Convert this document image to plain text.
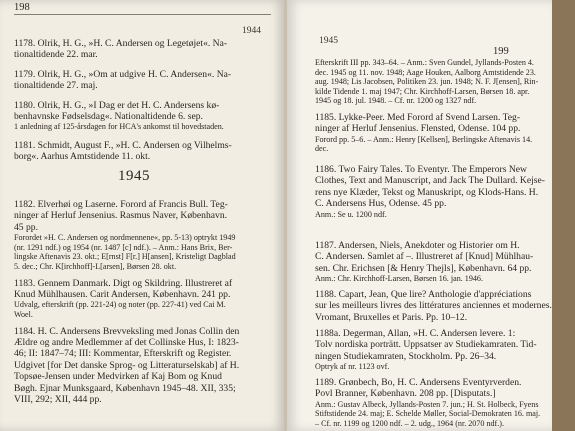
198
1944
1178. Olrik, H. G., »H. C. Andersen og Legetøjet«. Na-
tionaltidende 22. mar.
1179. Olrik, H. G., »Om at udgive H. C. Andersen«. Na-
tionaltidende 27. maj.
1180. Olrik, H. G., »I Dag er det H. C. Andersens kø-
benhavnske Fødselsdag«. Nationaltidende 6. sep.
1 anledning af 125-årsdagen for HCA's ankomst til hovedstaden.
1181. Schmidt, August F., »H. C. Andersen og Vilhelms-
borg«. Aarhus Amtstidende 11. okt.
1945
1182. Elverhøi og Laserne. Forord af Francis Bull. Teg-
ninger af Herluf Jensenius. Rasmus Naver, København.
45 pp.
Forordet »H. C. Andersen og nordmennene«, pp. 5-13) optrykt 1949
(nr. 1291 ndf.) og 1954 (nr. 1487 [c] ndf.). – Anm.: Hans Brix, Ber-
lingske Aftenavis 23. okt.; E[rnst] F[r.] H[ansen], Kristeligt Dagblad
5. dec.; Chr. K[irchhoff]-L[arsen], Børsen 28. okt.
1183. Gennem Danmark. Digt og Skildring. Illustreret af
Knud Mühlhausen. Carit Andersen, København. 241 pp.
Udvalg, efterskrift (pp. 221-24) og noter (pp. 227-41) ved Cai M.
Woel.
1184. H. C. Andersens Brevveksling med Jonas Collin den
Ældre og andre Medlemmer af det Collinske Hus, I: 1823-
46; II: 1847–74; III: Kommentar, Efterskrift og Register.
Udgivet [for Det danske Sprog- og Litteraturselskab] af H.
Topsøe-Jensen under Medvirken af Kaj Bom og Knud
Bøgh. Ejnar Munksgaard, København 1945–48. XII, 335;
VIII, 292; XII, 444 pp.
1945
199
Efterskrift III pp. 343–64. – Anm.: Sven Gundel, Jyllands-Posten 4.
dec. 1945 og 11. nov. 1948; Aage Houken, Aalborg Amtstidende 23.
aug. 1948; Lis Jacobsen, Politiken 23. jun. 1948; N. F. J[ensen], Rin-
kilde Tidende 1. maj 1947; Chr. Kirchhoff-Larsen, Børsen 18. apr.
1945 og 18. jul. 1948. – Cf. nr. 1200 og 1327 ndf.
1185. Lykke-Peer. Med Forord af Svend Larsen. Teg-
ninger af Herluf Jensenius. Flensted, Odense. 104 pp.
Forord pp. 5–6. – Anm.: Henry [Kellsen], Berlingske Aftenavis 14.
dec.
1186. Two Fairy Tales. To Eventyr. The Emperors New
Clothes, Text and Manuscript, and Jack The Dullard. Kejse-
rens nye Klæder, Tekst og Manuskript, og Klods-Hans. H.
C. Andersens Hus, Odense. 45 pp.
Anm.: Se u. 1200 ndf.
1187. Andersen, Niels, Anekdoter og Historier om H.
C. Andersen. Samlet af –. Illustreret af [Knud] Mühlhau-
sen. Chr. Erichsen [& Henry Thejls], København. 64 pp.
Anm.: Chr. Kirchhoff-Larsen, Børsen 16. jan. 1946.
1188. Capart, Jean, Que lire? Anthologie d'appréciations
sur les meilleurs livres des littératures anciennes et modernes.
Vromant, Bruxelles et Paris. Pp. 10–12.
1188a. Degerman, Allan, »H. C. Andersen levere. 1:
Tolv nordiska porträtt. Uppsatser av Studiekamraten. Tid-
ningen Studiekamraten, Stockholm. Pp. 26–34.
Optryk af nr. 1123 ovf.
1189. Grønbech, Bo, H. C. Andersens Eventyrverden.
Povl Branner, København. 208 pp. [Disputats.]
Anm.: Gustav Albeck, Jyllands-Posten 7. jun.; H. St. Holbeck, Fyens
Stiftstidende 24. maj; E. Schelde Møller, Social-Demokraten 16. maj.
– Cf. nr. 1199 og 1200 ndf. – 2. udg., 1964 (nr. 2070 ndf.).
